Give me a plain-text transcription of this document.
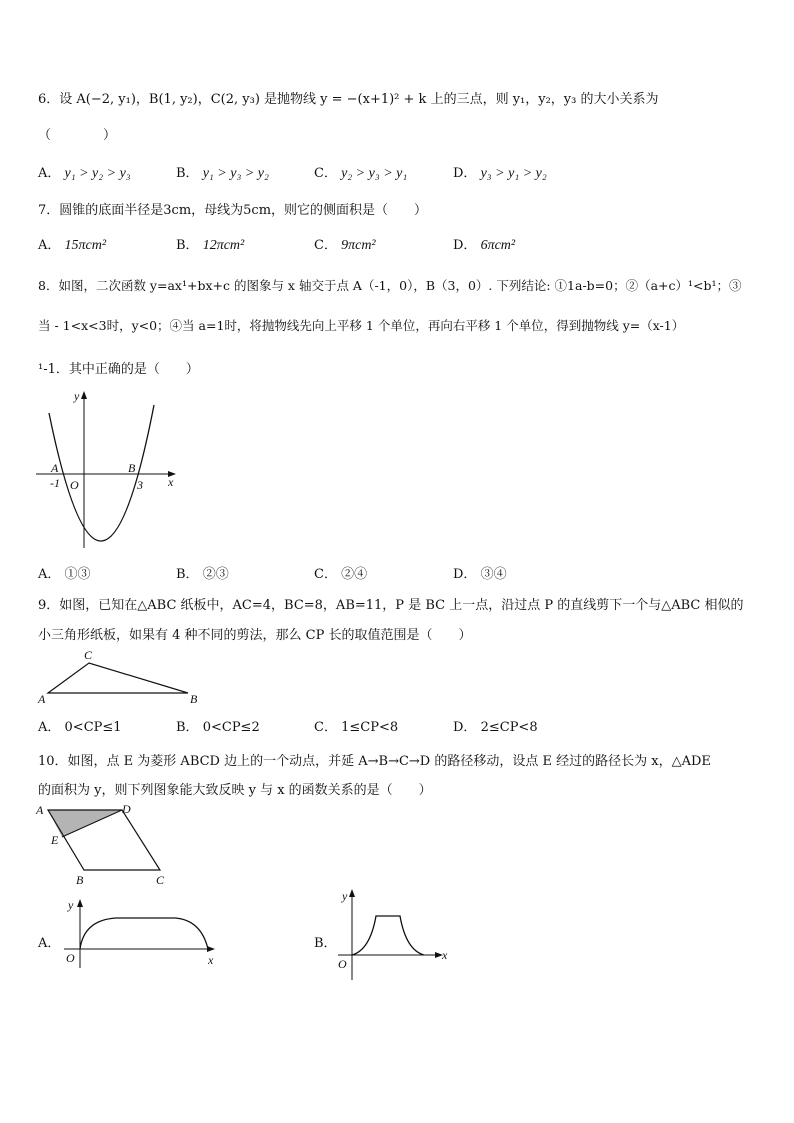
6．设 A(−2, y₁)，B(1, y₂)，C(2, y₃) 是抛物线 y = −(x+1)² + k 上的三点，则 y₁，y₂，y₃ 的大小关系为
（　　　　）
A． y₁ > y₂ > y₃	B． y₁ > y₃ > y₂	C． y₂ > y₃ > y₁	D． y₃ > y₁ > y₂
7．圆锥的底面半径是3cm，母线为5cm，则它的侧面积是（　　）
A． 15πcm²	B． 12πcm²	C． 9πcm²	D． 6πcm²
8．如图，二次函数 y=ax¹+bx+c 的图象与 x 轴交于点 A（-1，0），B（3，0）. 下列结论: ①1a-b=0；②（a+c）¹<b¹；③
当 - 1<x<3时，y<0；④当 a=1时，将抛物线先向上平移 1 个单位，再向右平移 1 个单位，得到抛物线 y=（x-1）
¹-1．其中正确的是（　　）
y
x
A	B
-1 O	3
A． ①③	B． ②③	C． ②④	D． ③④
9．如图，已知在△ABC 纸板中，AC=4，BC=8，AB=11，P 是 BC 上一点，沿过点 P 的直线剪下一个与△ABC 相似的
小三角形纸板，如果有 4 种不同的剪法，那么 CP 长的取值范围是（　　）
C
A	B
A． 0<CP≤1	B． 0<CP≤2	C． 1≤CP<8	D． 2≤CP<8
10．如图，点 E 为菱形 ABCD 边上的一个动点，并延 A→B→C→D 的路径移动，设点 E 经过的路径长为 x，△ADE
的面积为 y，则下列图象能大致反映 y 与 x 的函数关系的是（　　）
A	D
E
B	C
A．
y
x
O
B．
y
x
O
